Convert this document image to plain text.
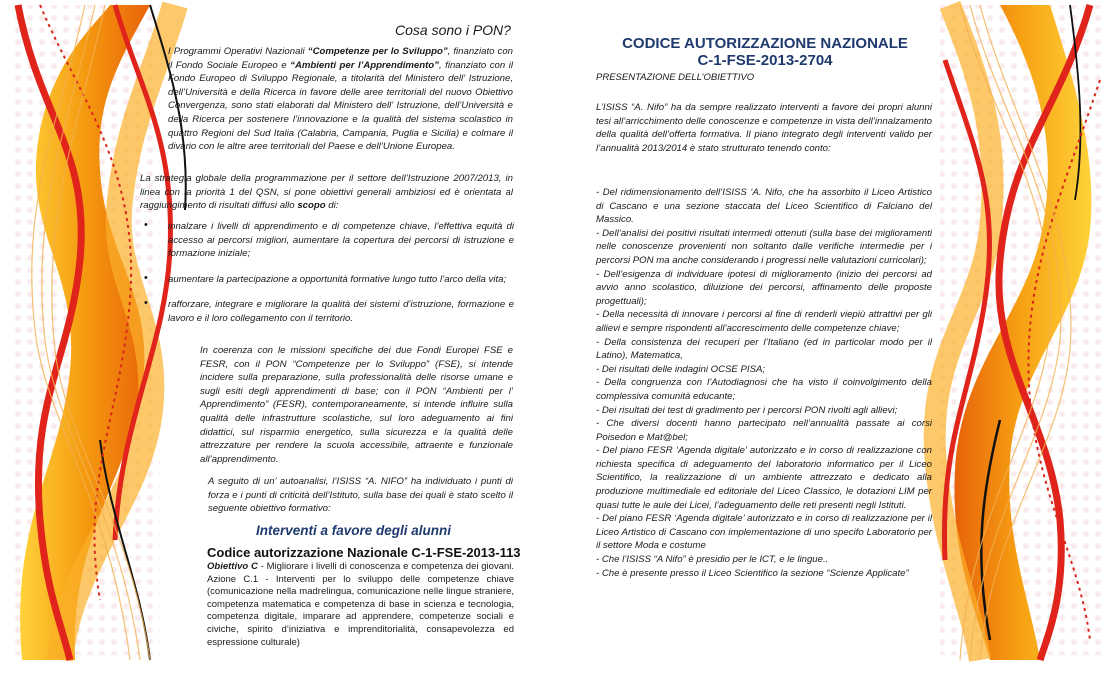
Cosa sono i PON?
I Programmi Operativi Nazionali “Competenze per lo Sviluppo”, finanziato con il Fondo Sociale Europeo e “Ambienti per l’Apprendimento”, finanziato con il Fondo Europeo di Sviluppo Regionale, a titolarità del Ministero dell’ Istruzione, dell’Università e della Ricerca in favore delle aree territoriali del nuovo Obiettivo Convergenza, sono stati elaborati dal Ministero dell’ Istruzione, dell’Università e della Ricerca per sostenere l’innovazione e la qualità del sistema scolastico in quattro Regioni del Sud Italia (Calabria, Campania, Puglia e Sicilia) e colmare il divario con le altre aree territoriali del Paese e dell’Unione Europea.
La strategia globale della programmazione per il settore dell’Istruzione 2007/2013, in linea con la priorità 1 del QSN, si pone obiettivi generali ambiziosi ed è orientata al raggiungimento di risultati diffusi allo scopo di:
• innalzare i livelli di apprendimento e di competenze chiave, l’effettiva equità di accesso ai percorsi migliori, aumentare la copertura dei percorsi di istruzione e formazione iniziale;
• aumentare la partecipazione a opportunità formative lungo tutto l’arco della vita;
• rafforzare, integrare e migliorare la qualità dei sistemi d’istruzione, formazione e lavoro e il loro collegamento con il territorio.
In coerenza con le missioni specifiche dei due Fondi Europei FSE e FESR, con il PON “Competenze per lo Sviluppo” (FSE), si intende incidere sulla preparazione, sulla professionalità delle risorse umane e sugli esiti degli apprendimenti di base; con il PON “Ambienti per l’ Apprendimento” (FESR), contemporaneamente, si intende influire sulla qualità delle infrastrutture scolastiche, sul loro adeguamento ai fini didattici, sul risparmio energetico, sulla sicurezza e la qualità delle attrezzature per rendere la scuola accessibile, attraente e funzionale all’apprendimento.
A seguito di un’ autoanalisi, l’ISISS “A. NIFO” ha individuato i punti di forza e i punti di criticità dell’Istituto, sulla base dei quali è stato scelto il seguente obiettivo formativo:
Interventi a favore degli alunni
Codice autorizzazione Nazionale C-1-FSE-2013-113
Obiettivo C - Migliorare i livelli di conoscenza e competenza dei giovani. Azione C.1 - Interventi per lo sviluppo delle competenze chiave (comunicazione nella madrelingua, comunicazione nelle lingue straniere, competenza matematica e competenza di base in scienza e tecnologia, competenza digitale, imparare ad apprendere, competenze sociali e civiche, spirito d’iniziativa e imprenditorialità, consapevolezza ed espressione culturale)
CODICE AUTORIZZAZIONE NAZIONALE
C-1-FSE-2013-2704
PRESENTAZIONE DELL’OBIETTIVO
L’ISISS “A. Nifo” ha da sempre realizzato interventi a favore dei propri alunni tesi all’arricchimento delle conoscenze e competenze in vista dell’innalzamento della qualità dell’offerta formativa. Il piano integrato degli interventi valido per l’annualità 2013/2014 è stato strutturato tenendo conto:
- Del ridimensionamento dell’ISISS ‘A. Nifo, che ha assorbito il Liceo Artistico di Cascano e una sezione staccata del Liceo Scientifico di Falciano del Massico.
- Dell’analisi dei positivi risultati intermedi ottenuti (sulla base dei miglioramenti nelle conoscenze provenienti non soltanto dalle verifiche intermedie per i percorsi PON ma anche considerando i progressi nelle valutazioni curricolari);
- Dell’esigenza di individuare ipotesi di miglioramento (inizio dei percorsi ad avvio anno scolastico, diluizione dei percorsi, affinamento delle proposte progettuali);
- Della necessità di innovare i percorsi al fine di renderli viepiù attrattivi per gli allievi e sempre rispondenti all’accrescimento delle competenze chiave;
- Della consistenza dei recuperi per l’Italiano (ed in particolar modo per il Latino), Matematica,
- Dei risultati delle indagini OCSE PISA;
- Della congruenza con l’Autodiagnosi che ha visto il coinvolgimento della complessiva comunità educante;
- Dei risultati dei test di gradimento per i percorsi PON rivolti agli allievi;
- Che diversi docenti hanno partecipato nell’annualità passate ai corsi Poisedon e Mat@bel;
- Del piano FESR ‘Agenda digitale’ autorizzato e in corso di realizzazione con richiesta specifica di adeguamento del laboratorio informatico per il Liceo Scientifico, la realizzazione di un ambiente attrezzato e dedicato alla produzione multimediale ed editoriale del Liceo Classico, le dotazioni LIM per quasi tutte le aule dei Licei, l’adeguamento delle reti presenti negli Istituti.
- Del piano FESR ‘Agenda digitale’ autorizzato e in corso di realizzazione per il Liceo Artistico di Cascano con implementazione di uno specifo Laboratorio per il settore Moda e costume
- Che l’ISISS “A Nifo” è presidio per le ICT, e le lingue..
- Che è presente presso il Liceo Scientifico la sezione “Scienze Applicate”
